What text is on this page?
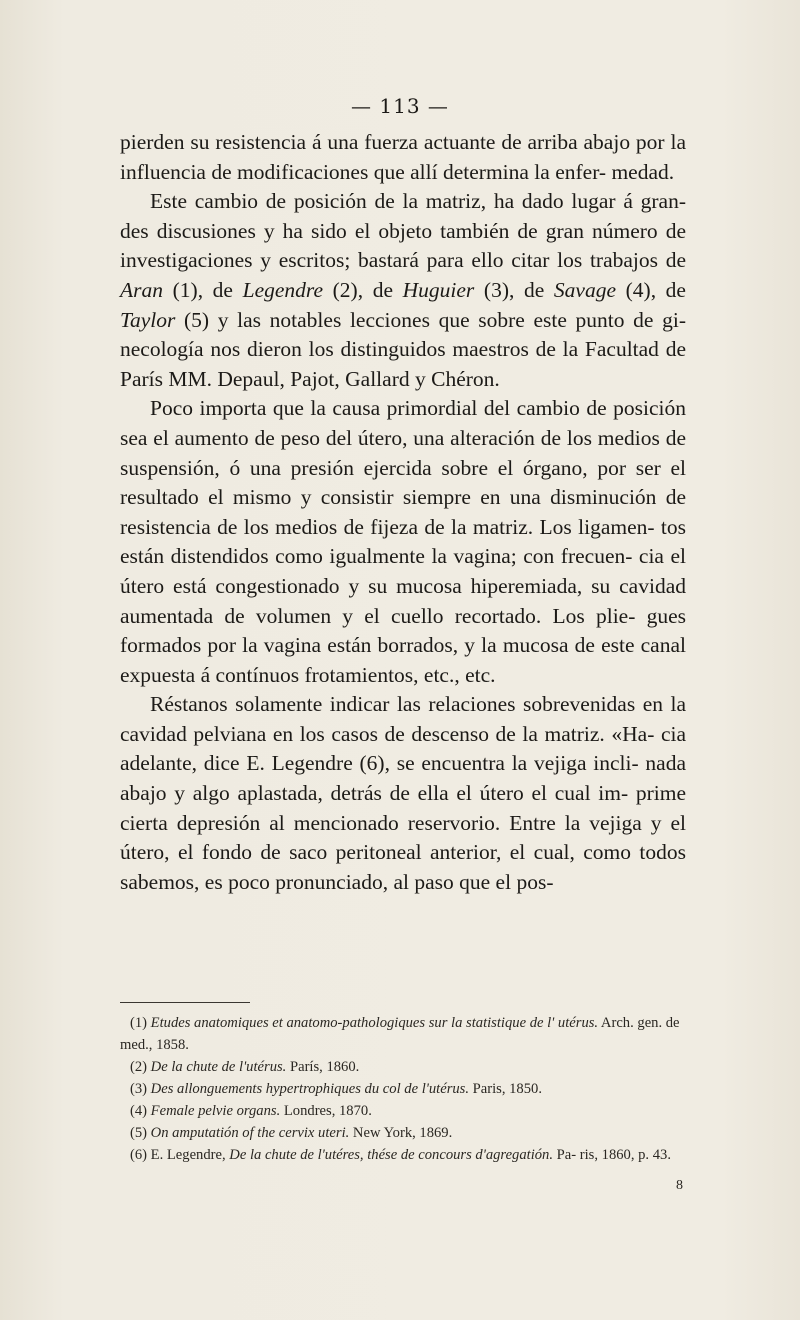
— 113 —

pierden su resistencia á una fuerza actuante de arriba abajo por la influencia de modificaciones que allí determina la enfer- medad.

Este cambio de posición de la matriz, ha dado lugar á gran- des discusiones y ha sido el objeto también de gran número de investigaciones y escritos; bastará para ello citar los trabajos de Aran (1), de Legendre (2), de Huguier (3), de Savage (4), de Taylor (5) y las notables lecciones que sobre este punto de gi- necología nos dieron los distinguidos maestros de la Facultad de París MM. Depaul, Pajot, Gallard y Chéron.

Poco importa que la causa primordial del cambio de posición sea el aumento de peso del útero, una alteración de los medios de suspensión, ó una presión ejercida sobre el órgano, por ser el resultado el mismo y consistir siempre en una disminución de resistencia de los medios de fijeza de la matriz. Los ligamen- tos están distendidos como igualmente la vagina; con frecuen- cia el útero está congestionado y su mucosa hiperemiada, su cavidad aumentada de volumen y el cuello recortado. Los plie- gues formados por la vagina están borrados, y la mucosa de este canal expuesta á contínuos frotamientos, etc., etc.

Réstanos solamente indicar las relaciones sobrevenidas en la cavidad pelviana en los casos de descenso de la matriz. «Ha- cia adelante, dice E. Legendre (6), se encuentra la vejiga incli- nada abajo y algo aplastada, detrás de ella el útero el cual im- prime cierta depresión al mencionado reservorio. Entre la vejiga y el útero, el fondo de saco peritoneal anterior, el cual, como todos sabemos, es poco pronunciado, al paso que el pos-

(1) Etudes anatomiques et anatomo-pathologiques sur la statistique de l' utérus. Arch. gen. de med., 1858.

(2) De la chute de l'utérus. París, 1860.

(3) Des allonguements hypertrophiques du col de l'utérus. Paris, 1850.

(4) Female pelvie organs. Londres, 1870.

(5) On amputatión of the cervix uteri. New York, 1869.

(6) E. Legendre, De la chute de l'utéres, thése de concours d'agregatión. Pa- ris, 1860, p. 43.

8
